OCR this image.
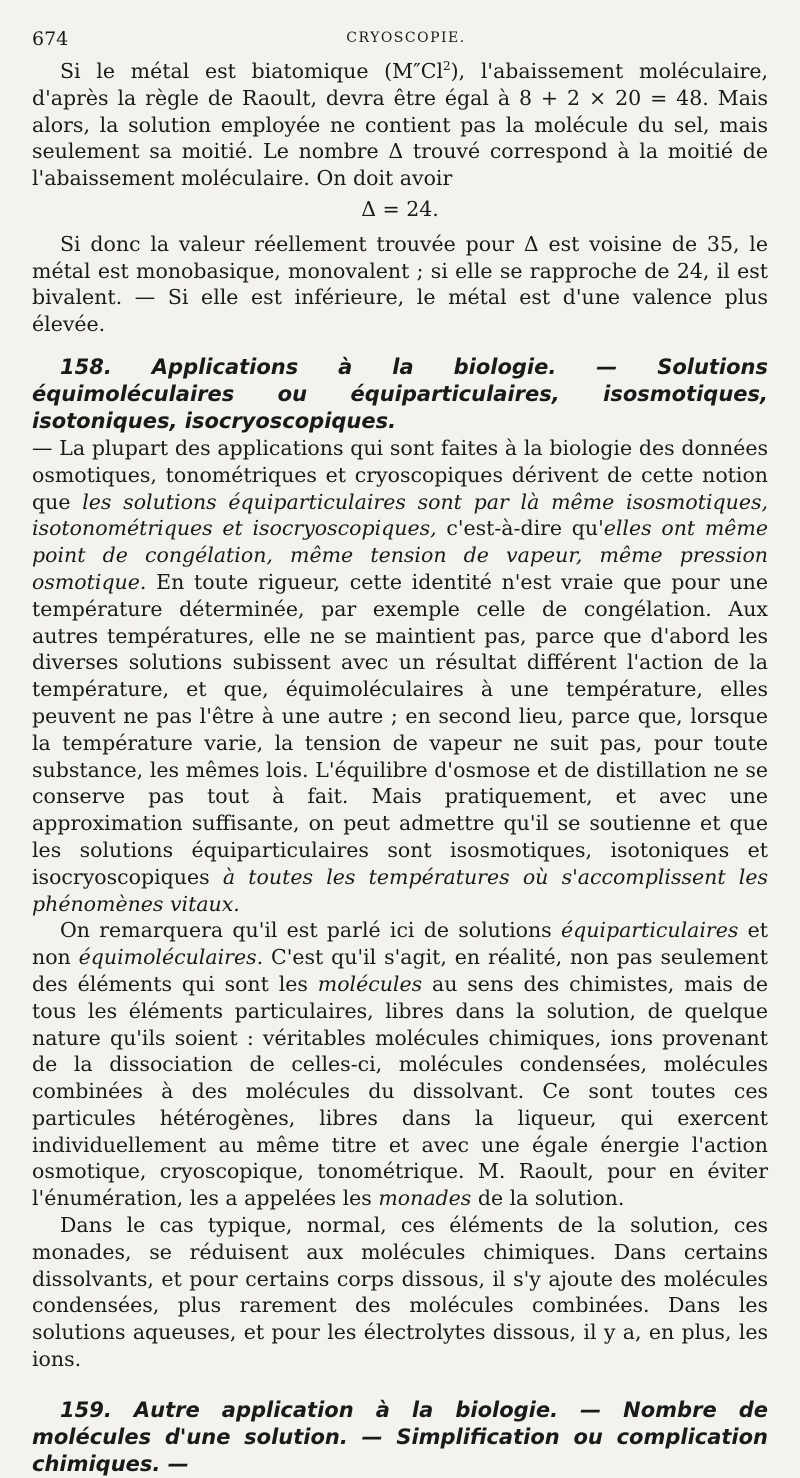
674	CRYOSCOPIE.

Si le métal est biatomique (M″Cl$^2$), l'abaissement moléculaire, d'après la règle de Raoult, devra être égal à 8 + 2 × 20 = 48. Mais alors, la solution employée ne contient pas la molécule du sel, mais seulement sa moitié. Le nombre Δ trouvé correspond à la moitié de l'abaissement moléculaire. On doit avoir

Δ = 24.

Si donc la valeur réellement trouvée pour Δ est voisine de 35, le métal est monobasique, monovalent ; si elle se rapproche de 24, il est bivalent. — Si elle est inférieure, le métal est d'une valence plus élevée.

158. Applications à la biologie. — Solutions équimoléculaires ou équiparticulaires, isosmotiques, isotoniques, isocryoscopiques.

— La plupart des applications qui sont faites à la biologie des données osmotiques, tonométriques et cryoscopiques dérivent de cette notion que les solutions équiparticulaires sont par là même isosmotiques, isotonométriques et isocryoscopiques, c'est-à-dire qu'elles ont même point de congélation, même tension de vapeur, même pression osmotique. En toute rigueur, cette identité n'est vraie que pour une température déterminée, par exemple celle de congélation. Aux autres températures, elle ne se maintient pas, parce que d'abord les diverses solutions subissent avec un résultat différent l'action de la température, et que, équimoléculaires à une température, elles peuvent ne pas l'être à une autre ; en second lieu, parce que, lorsque la température varie, la tension de vapeur ne suit pas, pour toute substance, les mêmes lois. L'équilibre d'osmose et de distillation ne se conserve pas tout à fait. Mais pratiquement, et avec une approximation suffisante, on peut admettre qu'il se soutienne et que les solutions équiparticulaires sont isosmotiques, isotoniques et isocryoscopiques à toutes les températures où s'accomplissent les phénomènes vitaux.

On remarquera qu'il est parlé ici de solutions équiparticulaires et non équimoléculaires. C'est qu'il s'agit, en réalité, non pas seulement des éléments qui sont les molécules au sens des chimistes, mais de tous les éléments particulaires, libres dans la solution, de quelque nature qu'ils soient : véritables molécules chimiques, ions provenant de la dissociation de celles-ci, molécules condensées, molécules combinées à des molécules du dissolvant. Ce sont toutes ces particules hétérogènes, libres dans la liqueur, qui exercent individuellement au même titre et avec une égale énergie l'action osmotique, cryoscopique, tonométrique. M. Raoult, pour en éviter l'énumération, les a appelées les monades de la solution.

Dans le cas typique, normal, ces éléments de la solution, ces monades, se réduisent aux molécules chimiques. Dans certains dissolvants, et pour certains corps dissous, il s'y ajoute des molécules condensées, plus rarement des molécules combinées. Dans les solutions aqueuses, et pour les électrolytes dissous, il y a, en plus, les ions.

159. Autre application à la biologie. — Nombre de molécules d'une solution. — Simplification ou complication chimiques. —
